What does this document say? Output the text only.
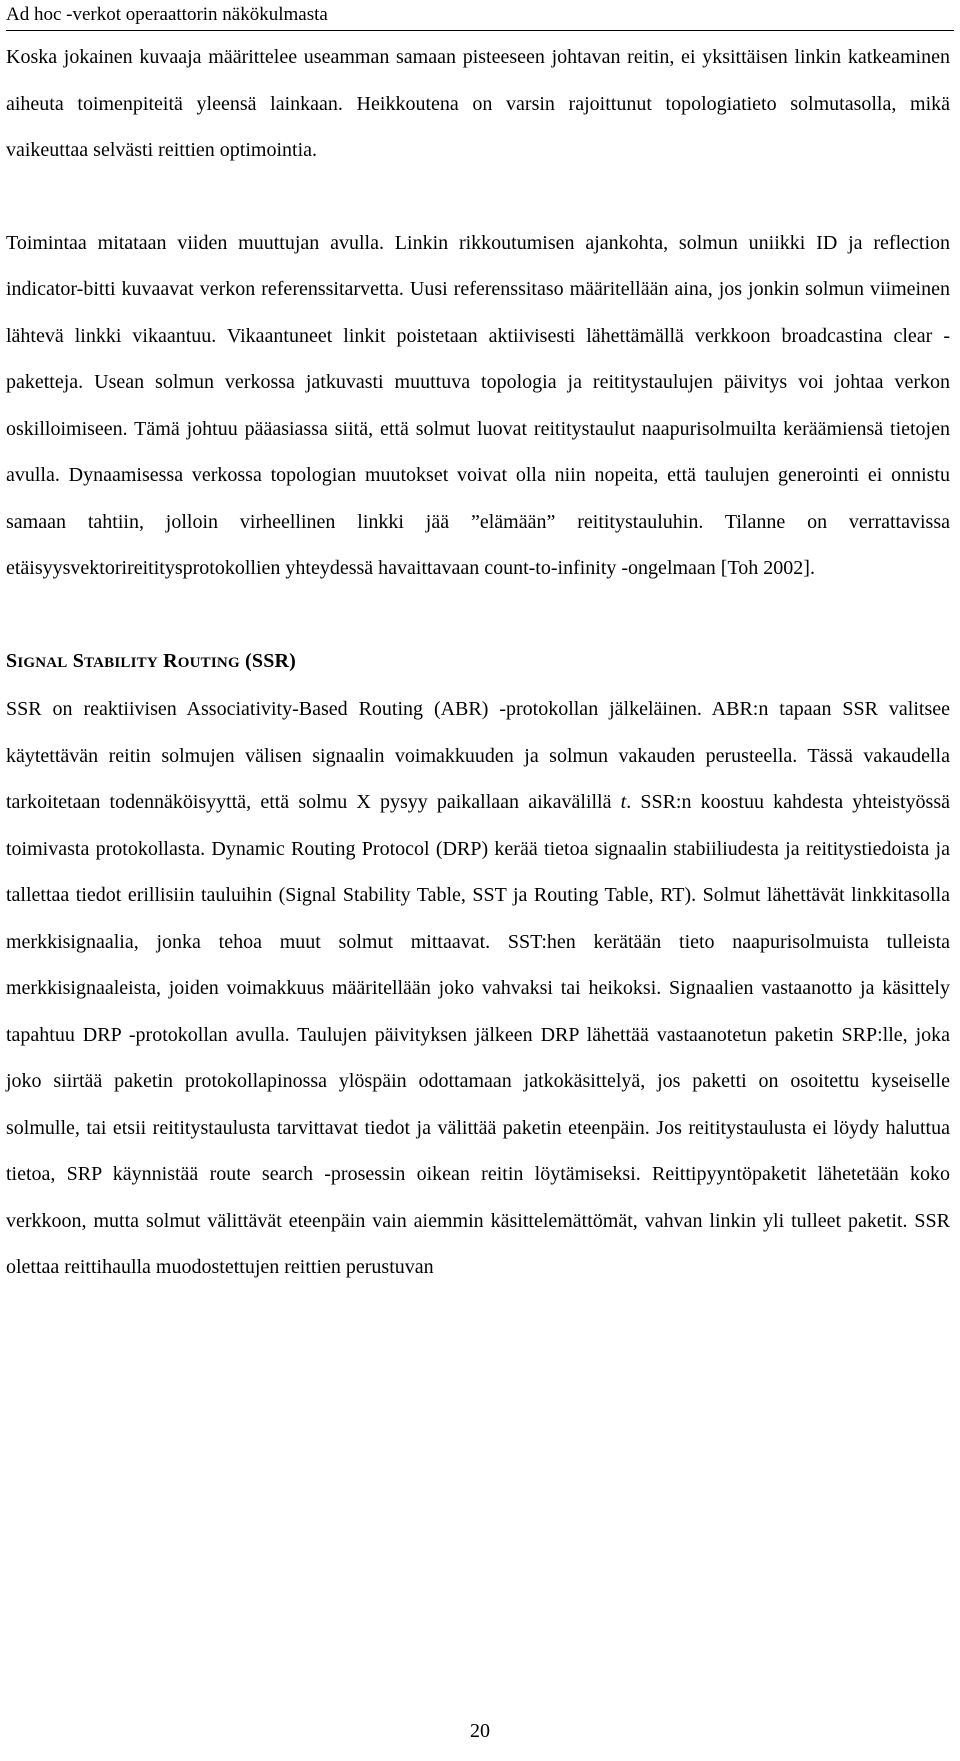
Ad hoc -verkot operaattorin näkökulmasta

Koska jokainen kuvaaja määrittelee useamman samaan pisteeseen johtavan reitin, ei yksittäisen linkin katkeaminen aiheuta toimenpiteitä yleensä lainkaan. Heikkoutena on varsin rajoittunut topologiatieto solmutasolla, mikä vaikeuttaa selvästi reittien optimointia.

Toimintaa mitataan viiden muuttujan avulla. Linkin rikkoutumisen ajankohta, solmun uniikki ID ja reflection indicator-bitti kuvaavat verkon referenssitarvetta. Uusi referenssitaso määritellään aina, jos jonkin solmun viimeinen lähtevä linkki vikaantuu. Vikaantuneet linkit poistetaan aktiivisesti lähettämällä verkkoon broadcastina clear -paketteja. Usean solmun verkossa jatkuvasti muuttuva topologia ja reititystaulujen päivitys voi johtaa verkon oskilloimiseen. Tämä johtuu pääasiassa siitä, että solmut luovat reititystaulut naapurisolmuilta keräämiensä tietojen avulla. Dynaamisessa verkossa topologian muutokset voivat olla niin nopeita, että taulujen generointi ei onnistu samaan tahtiin, jolloin virheellinen linkki jää ”elämään” reititystauluhin. Tilanne on verrattavissa etäisyysvektorireititysprotokollien yhteydessä havaittavaan count-to-infinity -ongelmaan [Toh 2002].

SIGNAL STABILITY ROUTING (SSR)

SSR on reaktiivisen Associativity-Based Routing (ABR) -protokollan jälkeläinen. ABR:n tapaan SSR valitsee käytettävän reitin solmujen välisen signaalin voimakkuuden ja solmun vakauden perusteella. Tässä vakaudella tarkoitetaan todennäköisyyttä, että solmu X pysyy paikallaan aikavälillä t. SSR:n koostuu kahdesta yhteistyössä toimivasta protokollasta. Dynamic Routing Protocol (DRP) kerää tietoa signaalin stabiiliudesta ja reititystiedoista ja tallettaa tiedot erillisiin tauluihin (Signal Stability Table, SST ja Routing Table, RT). Solmut lähettävät linkkitasolla merkkisignaalia, jonka tehoa muut solmut mittaavat. SST:hen kerätään tieto naapurisolmuista tulleista merkkisignaaleista, joiden voimakkuus määritellään joko vahvaksi tai heikoksi. Signaalien vastaanotto ja käsittely tapahtuu DRP -protokollan avulla. Taulujen päivityksen jälkeen DRP lähettää vastaanotetun paketin SRP:lle, joka joko siirtää paketin protokollapinossa ylöspäin odottamaan jatkokäsittelyä, jos paketti on osoitettu kyseiselle solmulle, tai etsii reititystaulusta tarvittavat tiedot ja välittää paketin eteenpäin. Jos reititystaulusta ei löydy haluttua tietoa, SRP käynnistää route search -prosessin oikean reitin löytämiseksi. Reittipyyntöpaketit lähetetään koko verkkoon, mutta solmut välittävät eteenpäin vain aiemmin käsittelemättömät, vahvan linkin yli tulleet paketit. SSR olettaa reittihaulla muodostettujen reittien perustuvan

20
